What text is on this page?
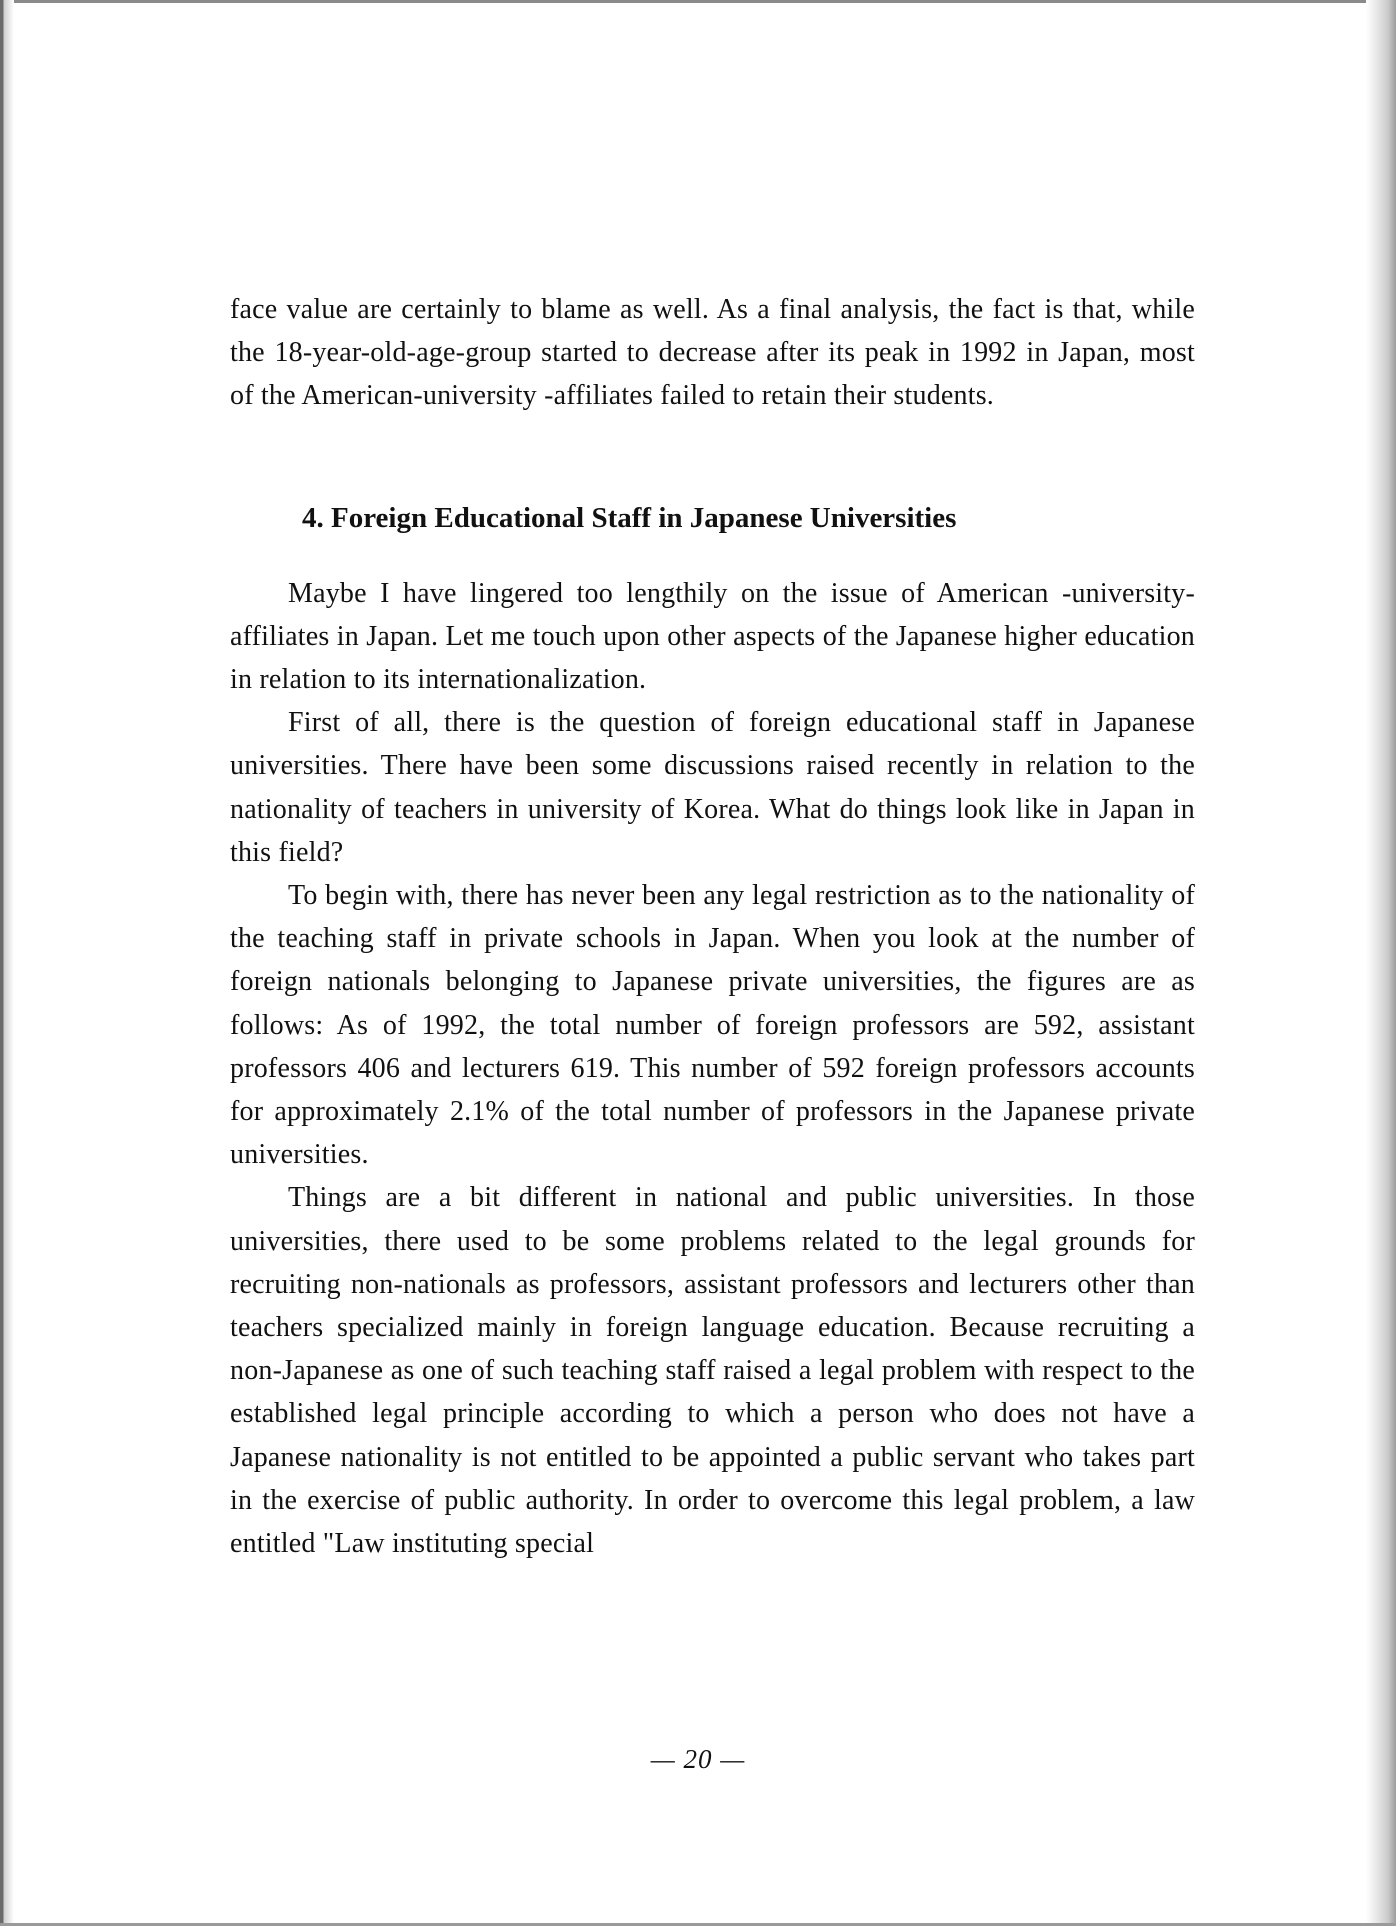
face value are certainly to blame as well. As a final analysis, the fact is that, while the 18-year-old-age-group started to decrease after its peak in 1992 in Japan, most of the American-university -affiliates failed to retain their students.

4. Foreign Educational Staff in Japanese Universities

Maybe I have lingered too lengthily on the issue of American -university-affiliates in Japan. Let me touch upon other aspects of the Japanese higher education in relation to its internationalization.

First of all, there is the question of foreign educational staff in Japanese universities. There have been some discussions raised recently in relation to the nationality of teachers in university of Korea. What do things look like in Japan in this field?

To begin with, there has never been any legal restriction as to the nationality of the teaching staff in private schools in Japan. When you look at the number of foreign nationals belonging to Japanese private universities, the figures are as follows: As of 1992, the total number of foreign professors are 592, assistant professors 406 and lecturers 619. This number of 592 foreign professors accounts for approximately 2.1% of the total number of professors in the Japanese private universities.

Things are a bit different in national and public universities. In those universities, there used to be some problems related to the legal grounds for recruiting non-nationals as professors, assistant professors and lecturers other than teachers specialized mainly in foreign language education. Because recruiting a non-Japanese as one of such teaching staff raised a legal problem with respect to the established legal principle according to which a person who does not have a Japanese nationality is not entitled to be appointed a public servant who takes part in the exercise of public authority. In order to overcome this legal problem, a law entitled "Law instituting special

— 20 —
